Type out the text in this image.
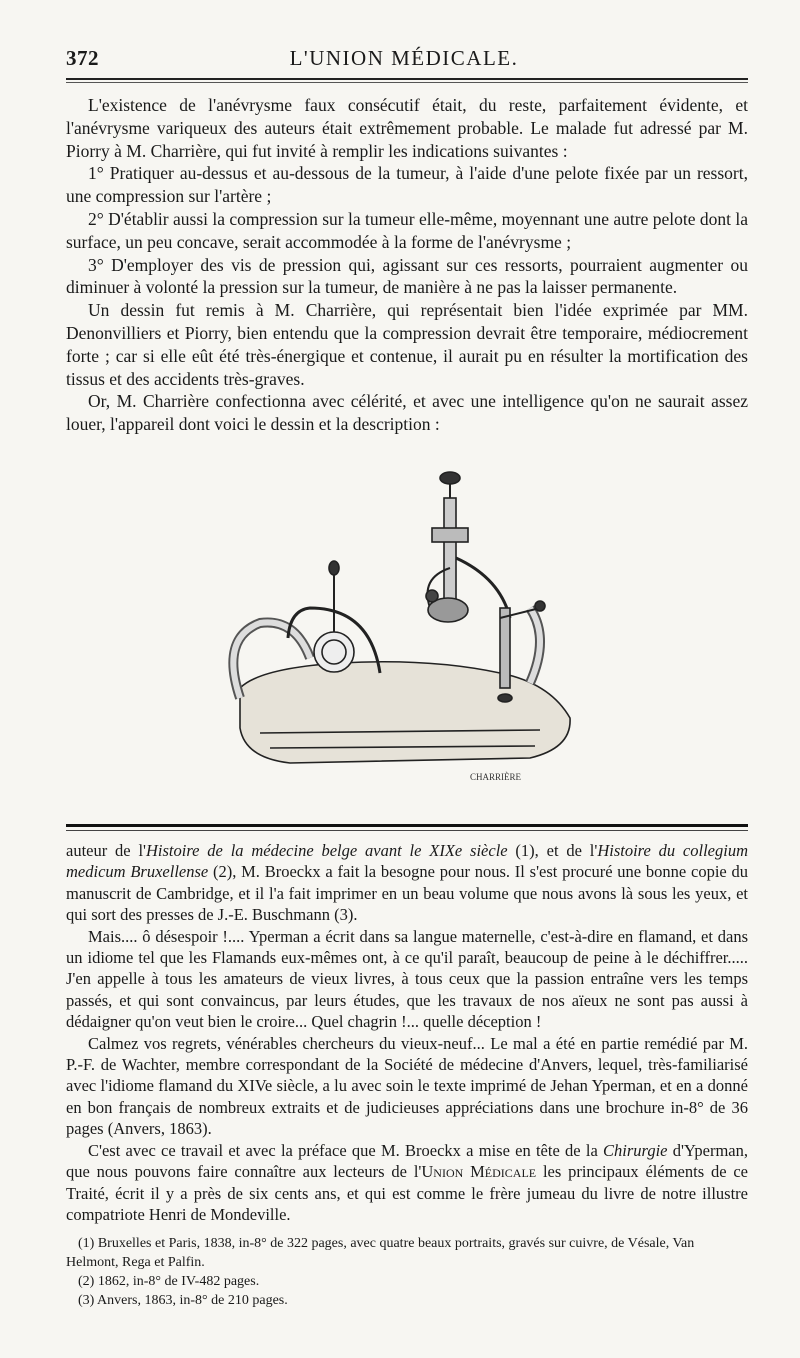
372	L'UNION MÉDICALE.

L'existence de l'anévrysme faux consécutif était, du reste, parfaitement évidente, et l'anévrysme variqueux des auteurs était extrêmement probable. Le malade fut adressé par M. Piorry à M. Charrière, qui fut invité à remplir les indications suivantes :

1° Pratiquer au-dessus et au-dessous de la tumeur, à l'aide d'une pelote fixée par un ressort, une compression sur l'artère ;

2° D'établir aussi la compression sur la tumeur elle-même, moyennant une autre pelote dont la surface, un peu concave, serait accommodée à la forme de l'anévrysme ;

3° D'employer des vis de pression qui, agissant sur ces ressorts, pourraient augmenter ou diminuer à volonté la pression sur la tumeur, de manière à ne pas la laisser permanente.

Un dessin fut remis à M. Charrière, qui représentait bien l'idée exprimée par MM. Denonvilliers et Piorry, bien entendu que la compression devrait être temporaire, médiocrement forte ; car si elle eût été très-énergique et contenue, il aurait pu en résulter la mortification des tissus et des accidents très-graves.

Or, M. Charrière confectionna avec célérité, et avec une intelligence qu'on ne saurait assez louer, l'appareil dont voici le dessin et la description :

CHARRIÈRE

auteur de l'Histoire de la médecine belge avant le XIXe siècle (1), et de l'Histoire du collegium medicum Bruxellense (2), M. Broeckx a fait la besogne pour nous. Il s'est procuré une bonne copie du manuscrit de Cambridge, et il l'a fait imprimer en un beau volume que nous avons là sous les yeux, et qui sort des presses de J.-E. Buschmann (3).

Mais.... ô désespoir !.... Yperman a écrit dans sa langue maternelle, c'est-à-dire en flamand, et dans un idiome tel que les Flamands eux-mêmes ont, à ce qu'il paraît, beaucoup de peine à le déchiffrer..... J'en appelle à tous les amateurs de vieux livres, à tous ceux que la passion entraîne vers les temps passés, et qui sont convaincus, par leurs études, que les travaux de nos aïeux ne sont pas aussi à dédaigner qu'on veut bien le croire... Quel chagrin !... quelle déception !

Calmez vos regrets, vénérables chercheurs du vieux-neuf... Le mal a été en partie remédié par M. P.-F. de Wachter, membre correspondant de la Société de médecine d'Anvers, lequel, très-familiarisé avec l'idiome flamand du XIVe siècle, a lu avec soin le texte imprimé de Jehan Yperman, et en a donné en bon français de nombreux extraits et de judicieuses appréciations dans une brochure in-8° de 36 pages (Anvers, 1863).

C'est avec ce travail et avec la préface que M. Broeckx a mise en tête de la Chirurgie d'Yperman, que nous pouvons faire connaître aux lecteurs de l'Union Médicale les principaux éléments de ce Traité, écrit il y a près de six cents ans, et qui est comme le frère jumeau du livre de notre illustre compatriote Henri de Mondeville.

(1) Bruxelles et Paris, 1838, in-8° de 322 pages, avec quatre beaux portraits, gravés sur cuivre, de Vésale, Van Helmont, Rega et Palfin.
(2) 1862, in-8° de IV-482 pages.
(3) Anvers, 1863, in-8° de 210 pages.
